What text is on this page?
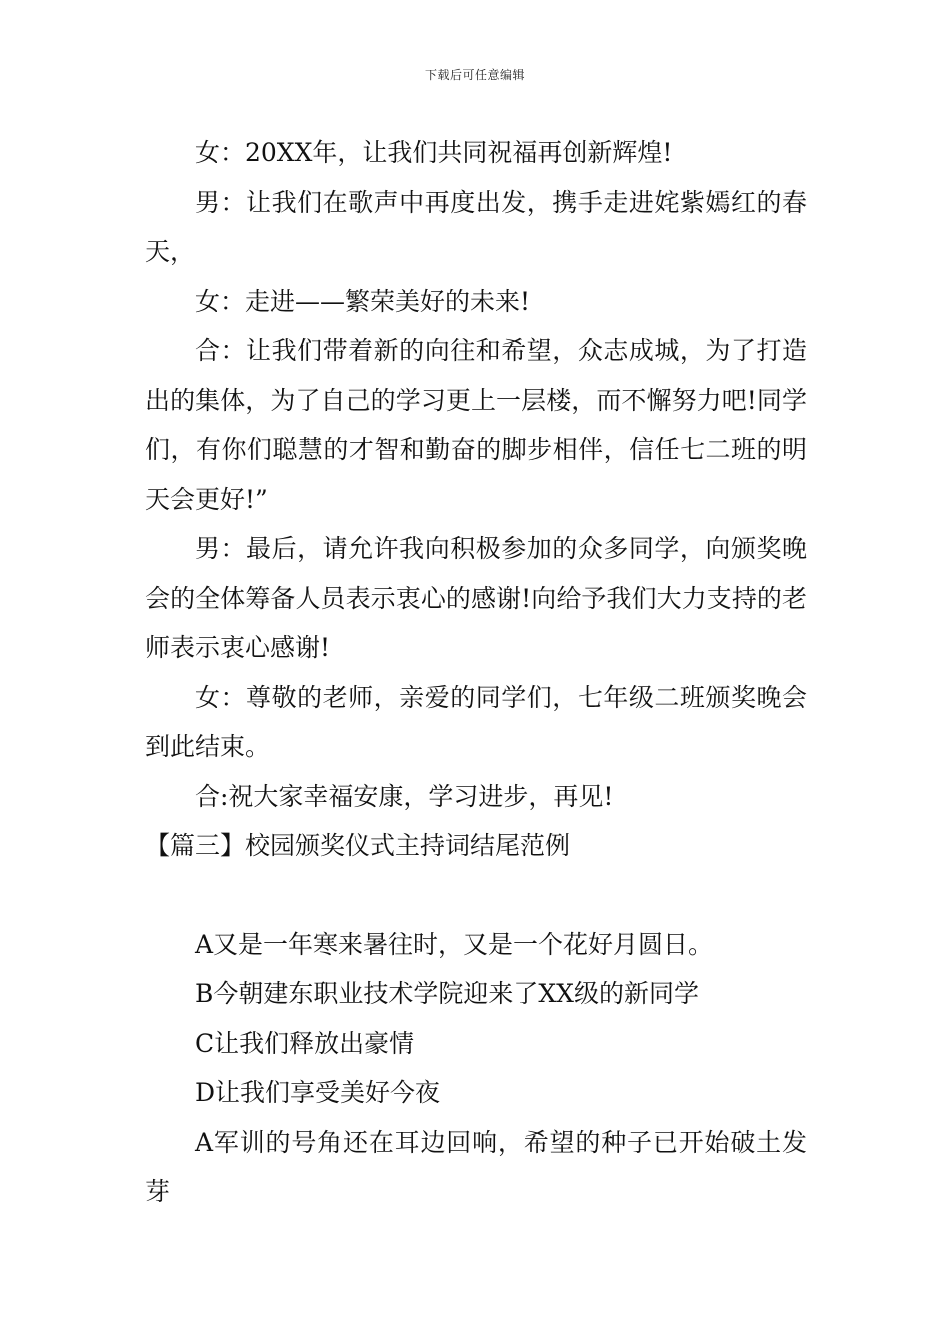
下载后可任意编辑

女：20XX年，让我们共同祝福再创新辉煌!

男：让我们在歌声中再度出发，携手走进姹紫嫣红的春天，

女：走进——繁荣美好的未来!

合：让我们带着新的向往和希望，众志成城，为了打造出的集体，为了自己的学习更上一层楼，而不懈努力吧!同学们，有你们聪慧的才智和勤奋的脚步相伴，信任七二班的明天会更好!”

男：最后，请允许我向积极参加的众多同学，向颁奖晚会的全体筹备人员表示衷心的感谢!向给予我们大力支持的老师表示衷心感谢!

女：尊敬的老师，亲爱的同学们，七年级二班颁奖晚会到此结束。

合:祝大家幸福安康，学习进步，再见!

【篇三】校园颁奖仪式主持词结尾范例

A又是一年寒来暑往时，又是一个花好月圆日。

B今朝建东职业技术学院迎来了XX级的新同学

C让我们释放出豪情

D让我们享受美好今夜

A军训的号角还在耳边回响，希望的种子已开始破土发芽
